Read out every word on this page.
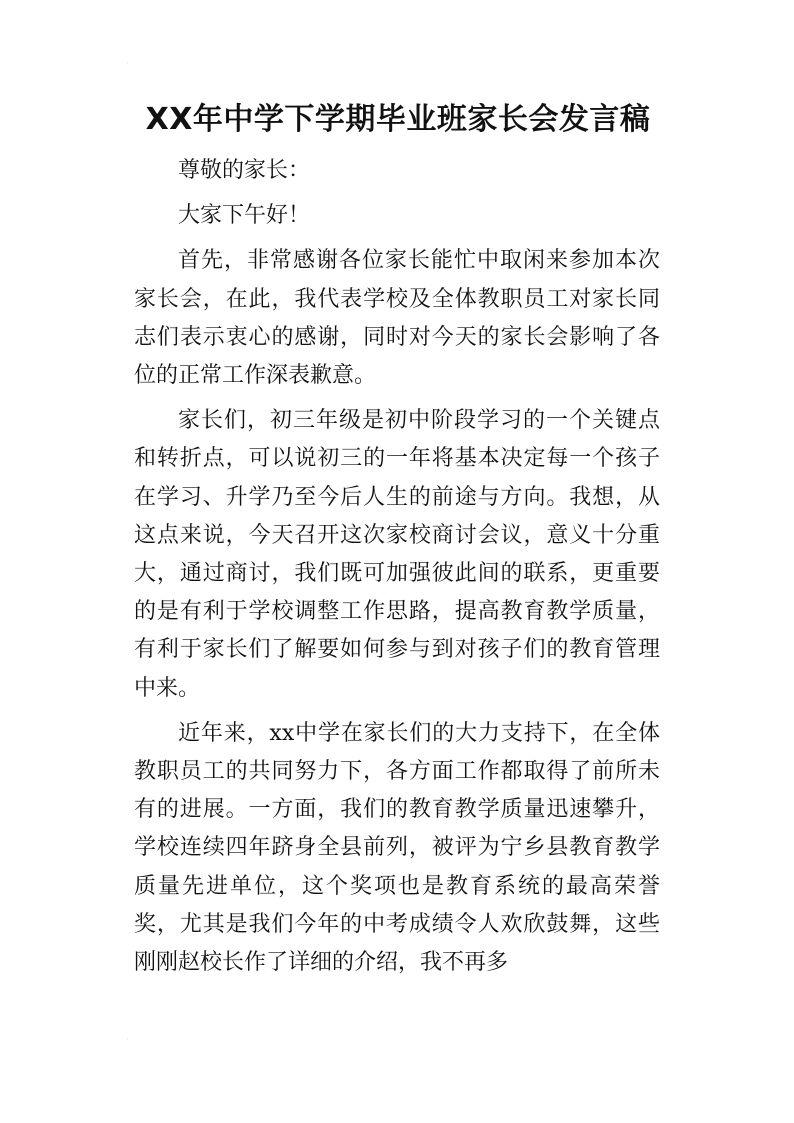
·
XX年中学下学期毕业班家长会发言稿

尊敬的家长：

大家下午好！

首先，非常感谢各位家长能忙中取闲来参加本次家长会，在此，我代表学校及全体教职员工对家长同志们表示衷心的感谢，同时对今天的家长会影响了各位的正常工作深表歉意。

家长们，初三年级是初中阶段学习的一个关键点和转折点，可以说初三的一年将基本决定每一个孩子在学习、升学乃至今后人生的前途与方向。我想，从这点来说，今天召开这次家校商讨会议，意义十分重大，通过商讨，我们既可加强彼此间的联系，更重要的是有利于学校调整工作思路，提高教育教学质量，有利于家长们了解要如何参与到对孩子们的教育管理中来。

近年来，xx中学在家长们的大力支持下，在全体教职员工的共同努力下，各方面工作都取得了前所未有的进展。一方面，我们的教育教学质量迅速攀升，学校连续四年跻身全县前列，被评为宁乡县教育教学质量先进单位，这个奖项也是教育系统的最高荣誉奖，尤其是我们今年的中考成绩令人欢欣鼓舞，这些刚刚赵校长作了详细的介绍，我不再多

·
